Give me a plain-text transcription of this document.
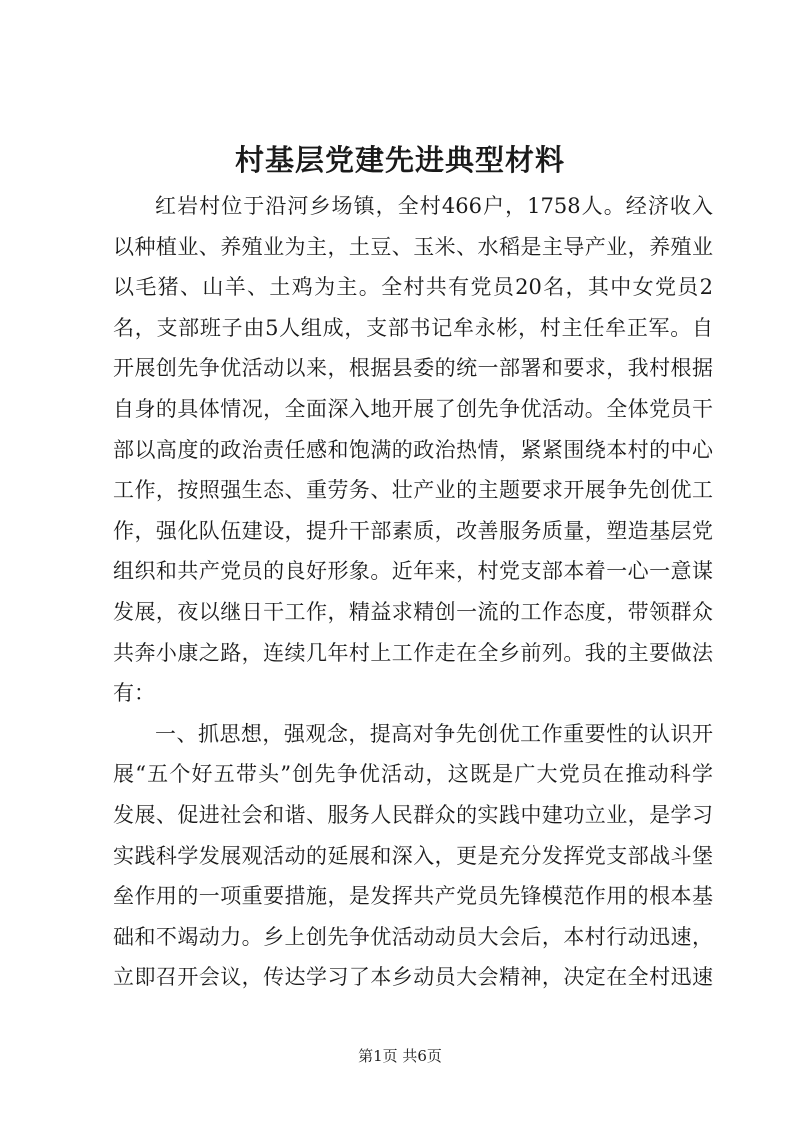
村基层党建先进典型材料
红岩村位于沿河乡场镇，全村466户，1758人。经济收入
以种植业、养殖业为主，土豆、玉米、水稻是主导产业，养殖业
以毛猪、山羊、土鸡为主。全村共有党员20名，其中女党员2
名，支部班子由5人组成，支部书记牟永彬，村主任牟正军。自
开展创先争优活动以来，根据县委的统一部署和要求，我村根据
自身的具体情况，全面深入地开展了创先争优活动。全体党员干
部以高度的政治责任感和饱满的政治热情，紧紧围绕本村的中心
工作，按照强生态、重劳务、壮产业的主题要求开展争先创优工
作，强化队伍建设，提升干部素质，改善服务质量，塑造基层党
组织和共产党员的良好形象。近年来，村党支部本着一心一意谋
发展，夜以继日干工作，精益求精创一流的工作态度，带领群众
共奔小康之路，连续几年村上工作走在全乡前列。我的主要做法
有：
一、抓思想，强观念，提高对争先创优工作重要性的认识开
展“五个好五带头”创先争优活动，这既是广大党员在推动科学
发展、促进社会和谐、服务人民群众的实践中建功立业，是学习
实践科学发展观活动的延展和深入，更是充分发挥党支部战斗堡
垒作用的一项重要措施，是发挥共产党员先锋模范作用的根本基
础和不竭动力。乡上创先争优活动动员大会后，本村行动迅速，
立即召开会议，传达学习了本乡动员大会精神，决定在全村迅速
第1页 共6页
